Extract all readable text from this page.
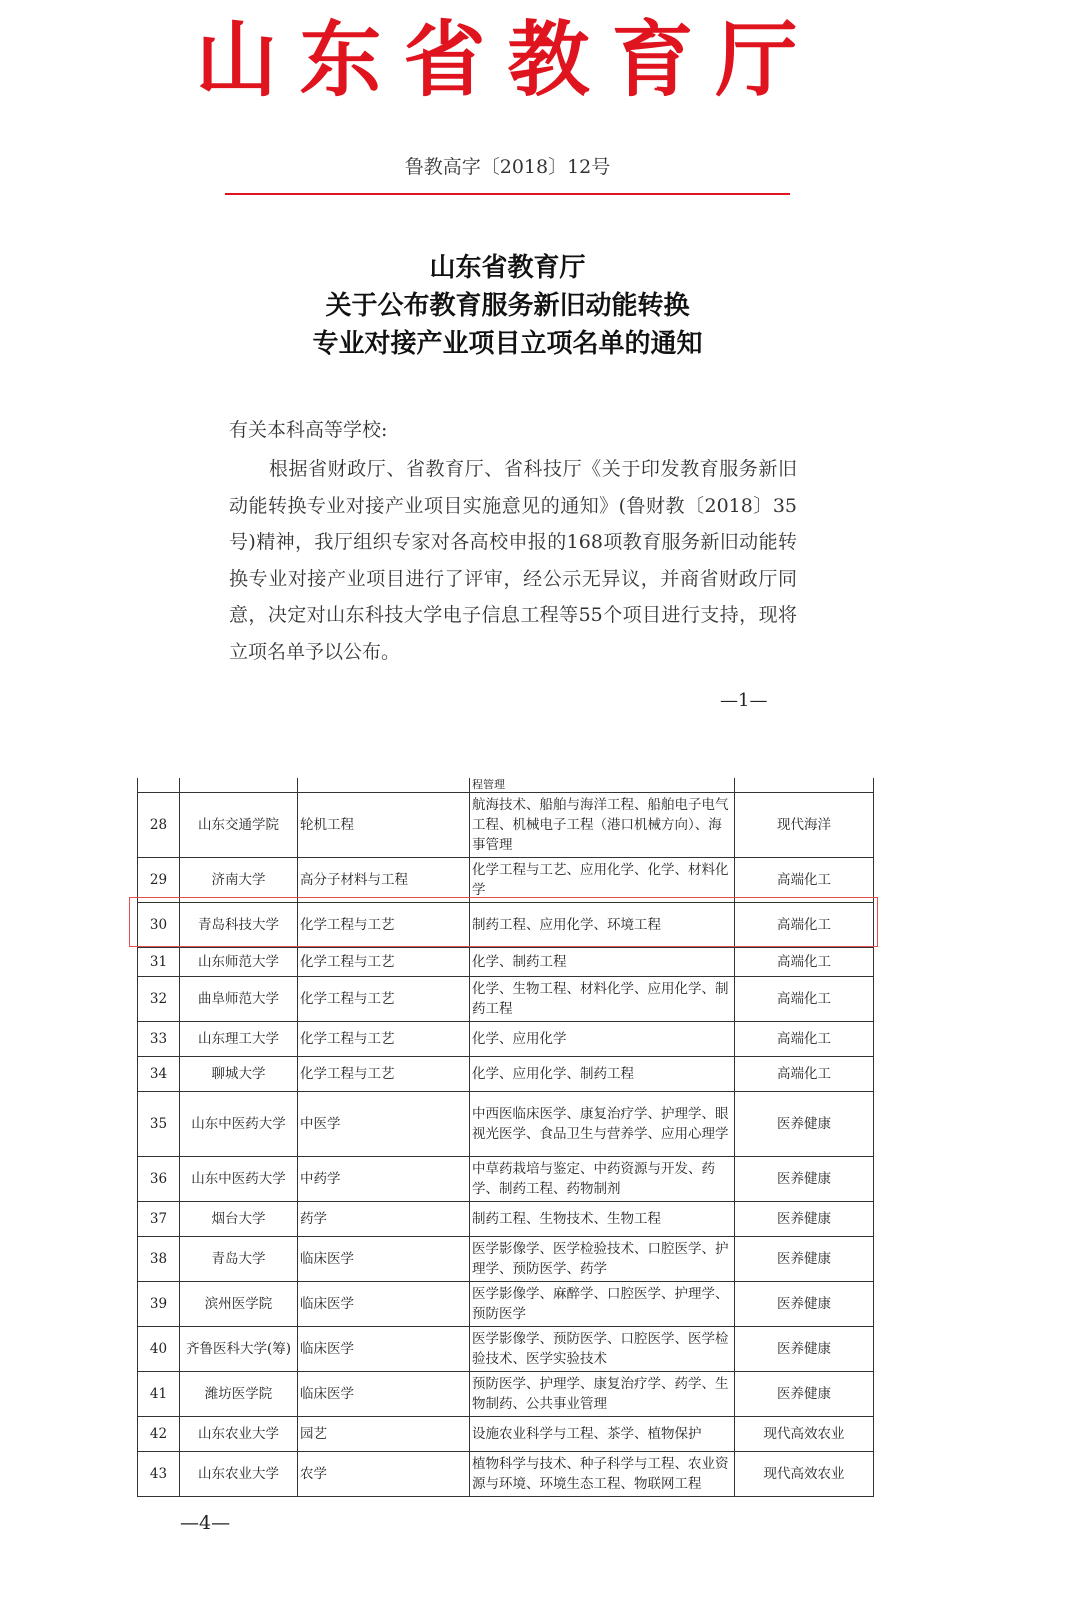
山东省教育厅
鲁教高字〔2018〕12号
山东省教育厅
关于公布教育服务新旧动能转换
专业对接产业项目立项名单的通知
有关本科高等学校:
根据省财政厅、省教育厅、省科技厅《关于印发教育服务新旧动能转换专业对接产业项目实施意见的通知》(鲁财教〔2018〕35号)精神，我厅组织专家对各高校申报的168项教育服务新旧动能转换专业对接产业项目进行了评审，经公示无异议，并商省财政厅同意，决定对山东科技大学电子信息工程等55个项目进行支持，现将立项名单予以公布。
—1—
			程管理	
28	山东交通学院	轮机工程	航海技术、船舶与海洋工程、船舶电子电气工程、机械电子工程（港口机械方向）、海事管理	现代海洋
29	济南大学	高分子材料与工程	化学工程与工艺、应用化学、化学、材料化学	高端化工
30	青岛科技大学	化学工程与工艺	制药工程、应用化学、环境工程	高端化工
31	山东师范大学	化学工程与工艺	化学、制药工程	高端化工
32	曲阜师范大学	化学工程与工艺	化学、生物工程、材料化学、应用化学、制药工程	高端化工
33	山东理工大学	化学工程与工艺	化学、应用化学	高端化工
34	聊城大学	化学工程与工艺	化学、应用化学、制药工程	高端化工
35	山东中医药大学	中医学	中西医临床医学、康复治疗学、护理学、眼视光医学、食品卫生与营养学、应用心理学	医养健康
36	山东中医药大学	中药学	中草药栽培与鉴定、中药资源与开发、药学、制药工程、药物制剂	医养健康
37	烟台大学	药学	制药工程、生物技术、生物工程	医养健康
38	青岛大学	临床医学	医学影像学、医学检验技术、口腔医学、护理学、预防医学、药学	医养健康
39	滨州医学院	临床医学	医学影像学、麻醉学、口腔医学、护理学、预防医学	医养健康
40	齐鲁医科大学(筹)	临床医学	医学影像学、预防医学、口腔医学、医学检验技术、医学实验技术	医养健康
41	潍坊医学院	临床医学	预防医学、护理学、康复治疗学、药学、生物制药、公共事业管理	医养健康
42	山东农业大学	园艺	设施农业科学与工程、茶学、植物保护	现代高效农业
43	山东农业大学	农学	植物科学与技术、种子科学与工程、农业资源与环境、环境生态工程、物联网工程	现代高效农业
—4—
